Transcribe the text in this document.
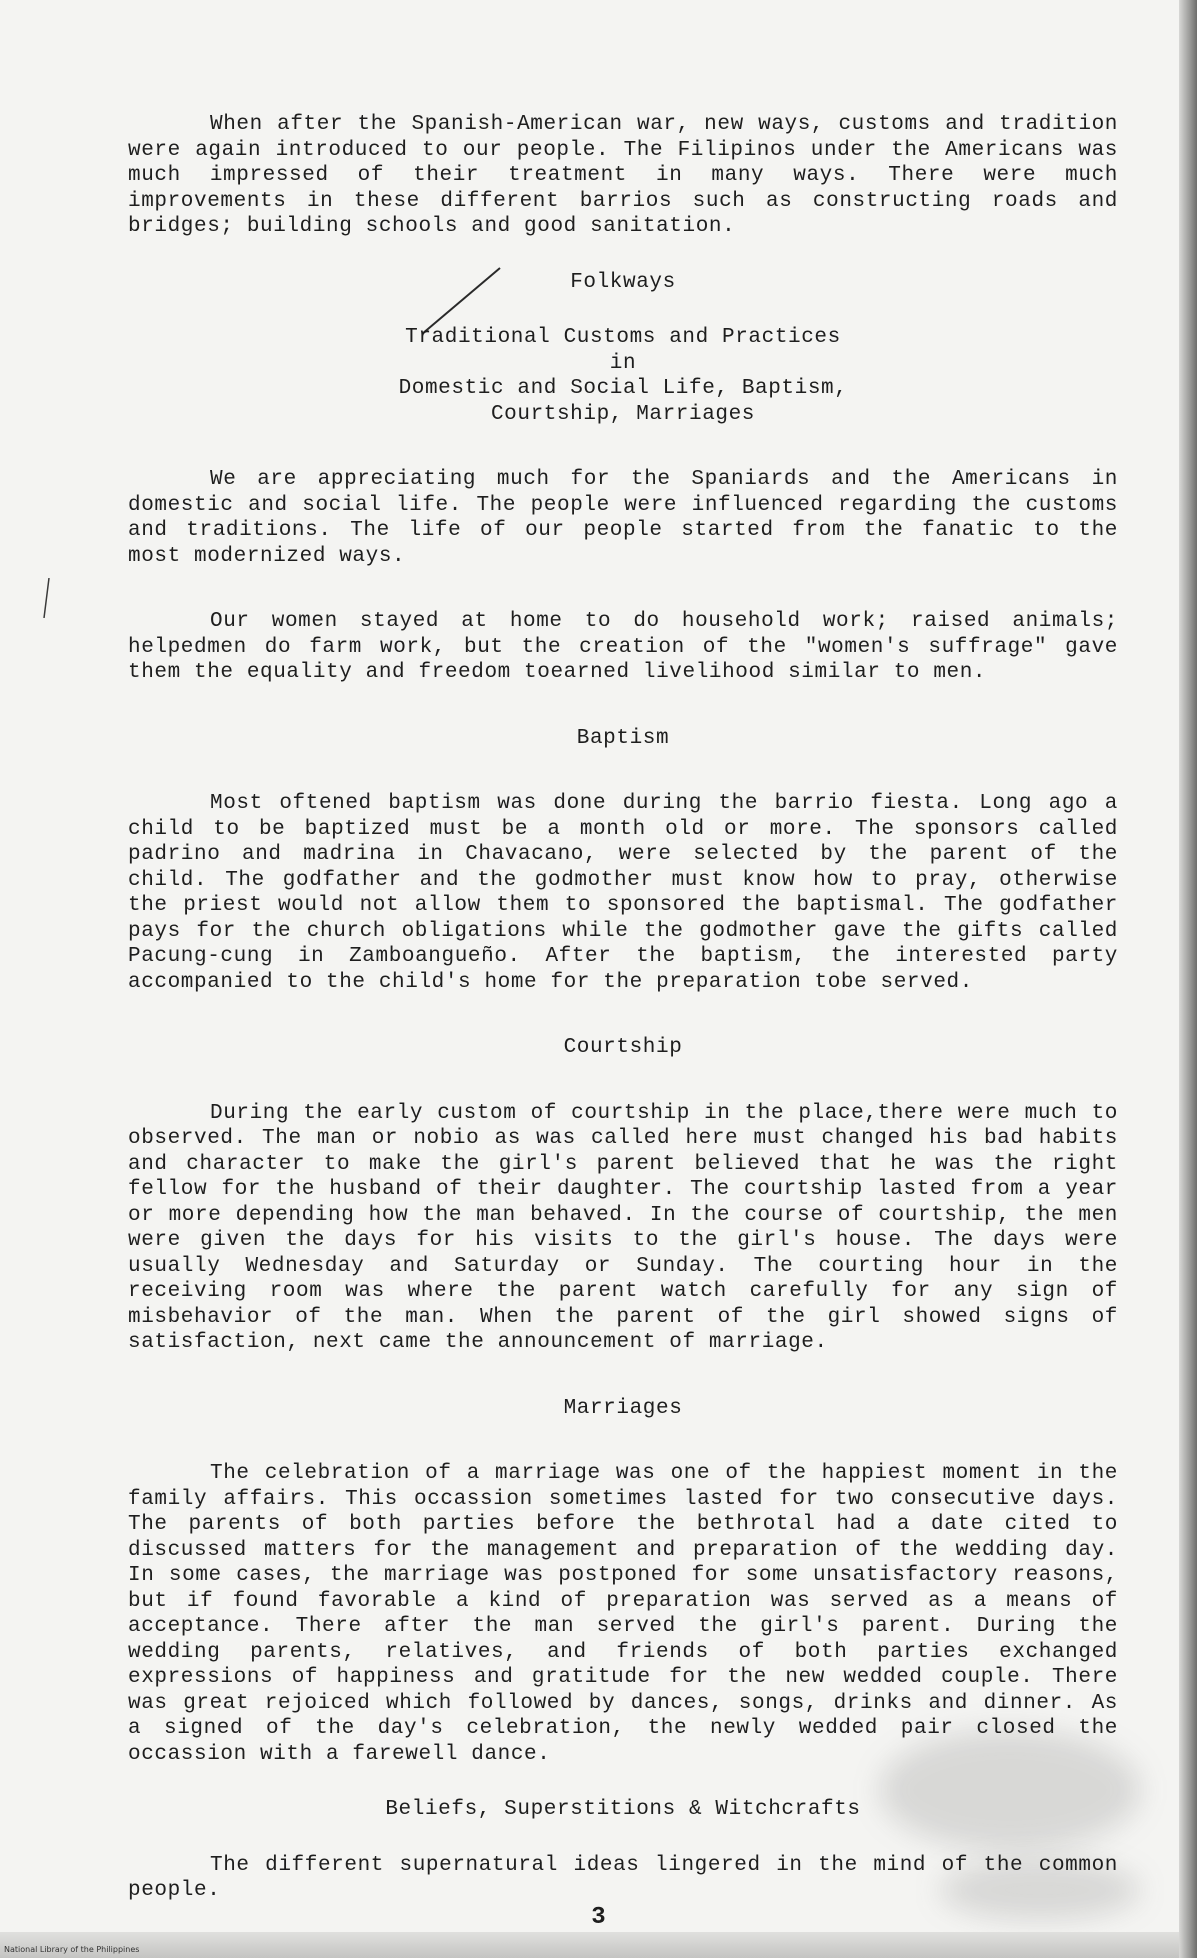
When after the Spanish-American war, new ways, customs and tradition were again introduced to our people. The Filipinos under the Americans was much impressed of their treatment in many ways. There were much improvements in these different barrios such as constructing roads and bridges; building schools and good sanitation.

Folkways
Traditional Customs and Practices
in
Domestic and Social Life, Baptism,
Courtship, Marriages

We are appreciating much for the Spaniards and the Americans in domestic and social life. The people were influenced regarding the customs and traditions. The life of our people started from the fanatic to the most modernized ways.

Our women stayed at home to do household work; raised animals; helpedmen do farm work, but the creation of the "women's suffrage" gave them the equality and freedom toearned livelihood similar to men.

Baptism

Most oftened baptism was done during the barrio fiesta. Long ago a child to be baptized must be a month old or more. The sponsors called padrino and madrina in Chavacano, were selected by the parent of the child. The godfather and the godmother must know how to pray, otherwise the priest would not allow them to sponsored the baptismal. The godfather pays for the church obligations while the godmother gave the gifts called Pacung-cung in Zamboangueño. After the baptism, the interested party accompanied to the child's home for the preparation tobe served.

Courtship

During the early custom of courtship in the place,there were much to observed. The man or nobio as was called here must changed his bad habits and character to make the girl's parent believed that he was the right fellow for the husband of their daughter. The courtship lasted from a year or more depending how the man behaved. In the course of courtship, the men were given the days for his visits to the girl's house. The days were usually Wednesday and Saturday or Sunday. The courting hour in the receiving room was where the parent watch carefully for any sign of misbehavior of the man. When the parent of the girl showed signs of satisfaction, next came the announcement of marriage.

Marriages

The celebration of a marriage was one of the happiest moment in the family affairs. This occassion sometimes lasted for two consecutive days. The parents of both parties before the bethrotal had a date cited to discussed matters for the management and preparation of the wedding day. In some cases, the marriage was postponed for some unsatisfactory reasons, but if found favorable a kind of preparation was served as a means of acceptance. There after the man served the girl's parent. During the wedding parents, relatives, and friends of both parties exchanged expressions of happiness and gratitude for the new wedded couple. There was great rejoiced which followed by dances, songs, drinks and dinner. As a signed of the day's celebration, the newly wedded pair closed the occassion with a farewell dance.

Beliefs, Superstitions & Witchcrafts

The different supernatural ideas lingered in the mind of the common people.

3
National Library of the Philippines
